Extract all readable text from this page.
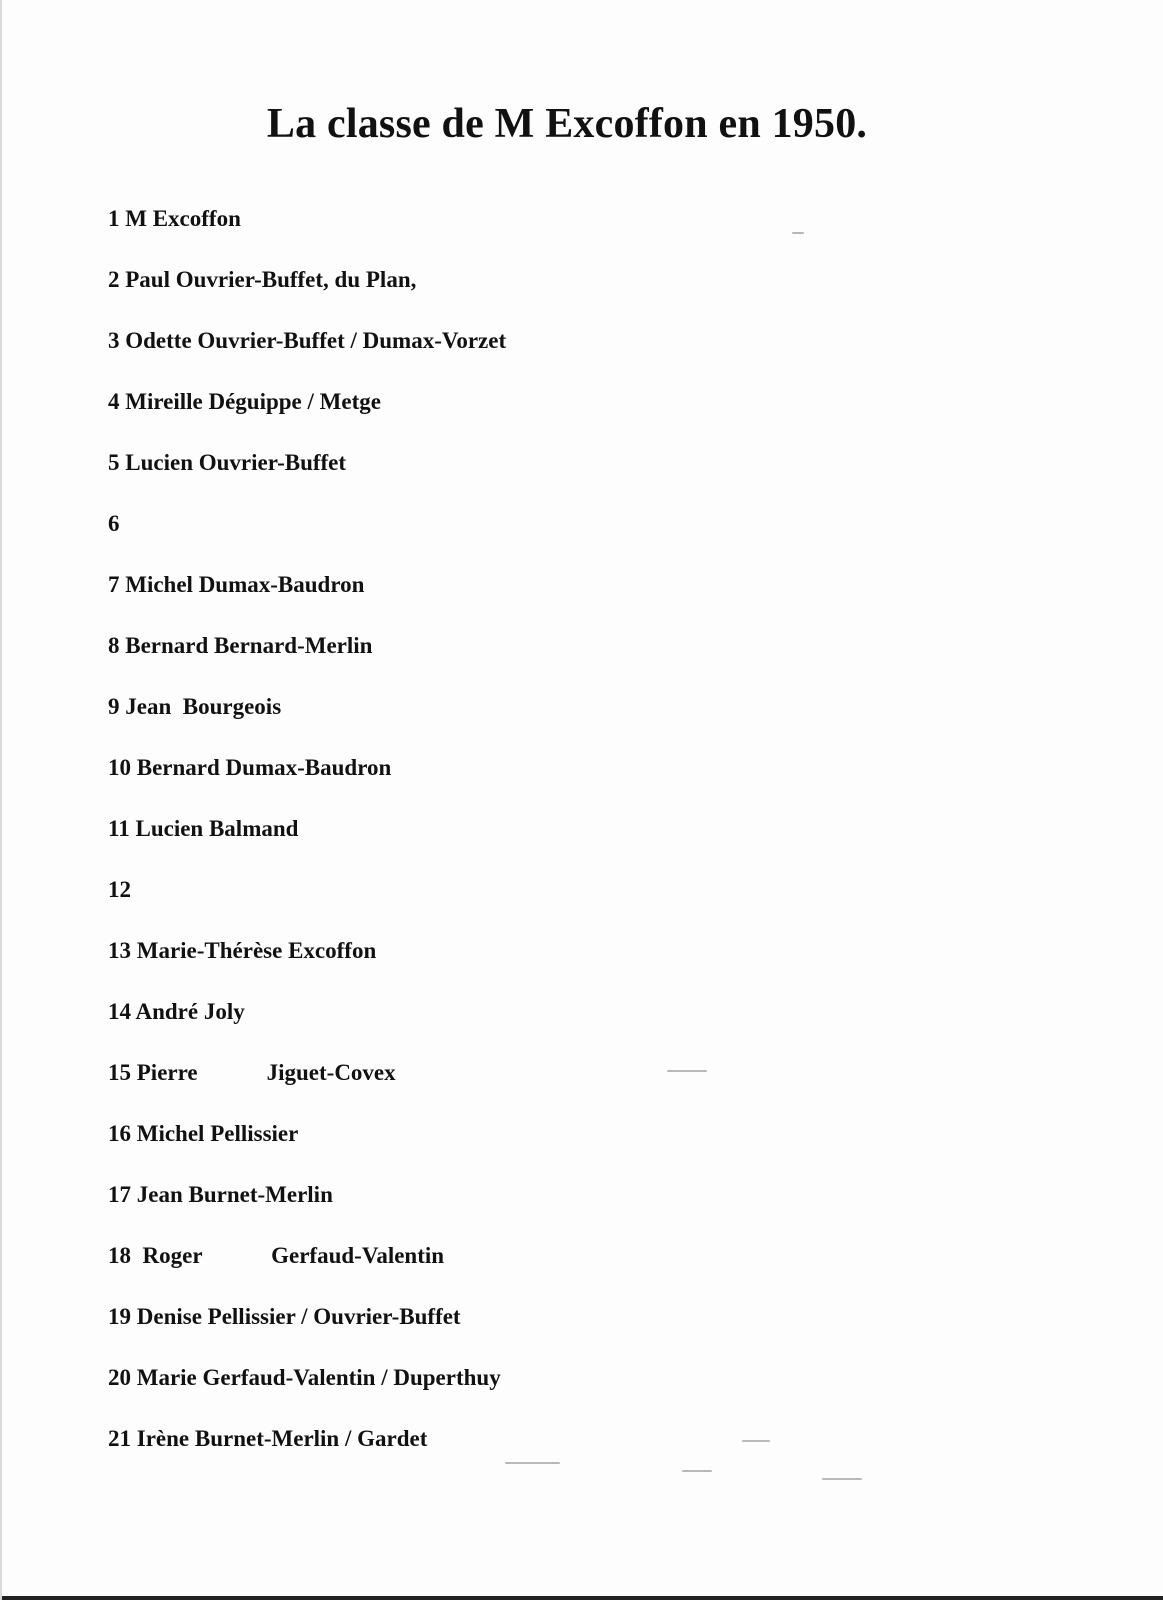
La classe de M Excoffon en 1950.
1 M Excoffon
2 Paul Ouvrier-Buffet, du Plan,
3 Odette Ouvrier-Buffet / Dumax-Vorzet
4 Mireille Déguippe / Metge
5 Lucien Ouvrier-Buffet
6
7 Michel Dumax-Baudron
8 Bernard Bernard-Merlin
9 Jean  Bourgeois
10 Bernard Dumax-Baudron
11 Lucien Balmand
12
13 Marie-Thérèse Excoffon
14 André Joly
15 Pierre            Jiguet-Covex
16 Michel Pellissier
17 Jean Burnet-Merlin
18  Roger            Gerfaud-Valentin
19 Denise Pellissier / Ouvrier-Buffet
20 Marie Gerfaud-Valentin / Duperthuy
21 Irène Burnet-Merlin / Gardet
